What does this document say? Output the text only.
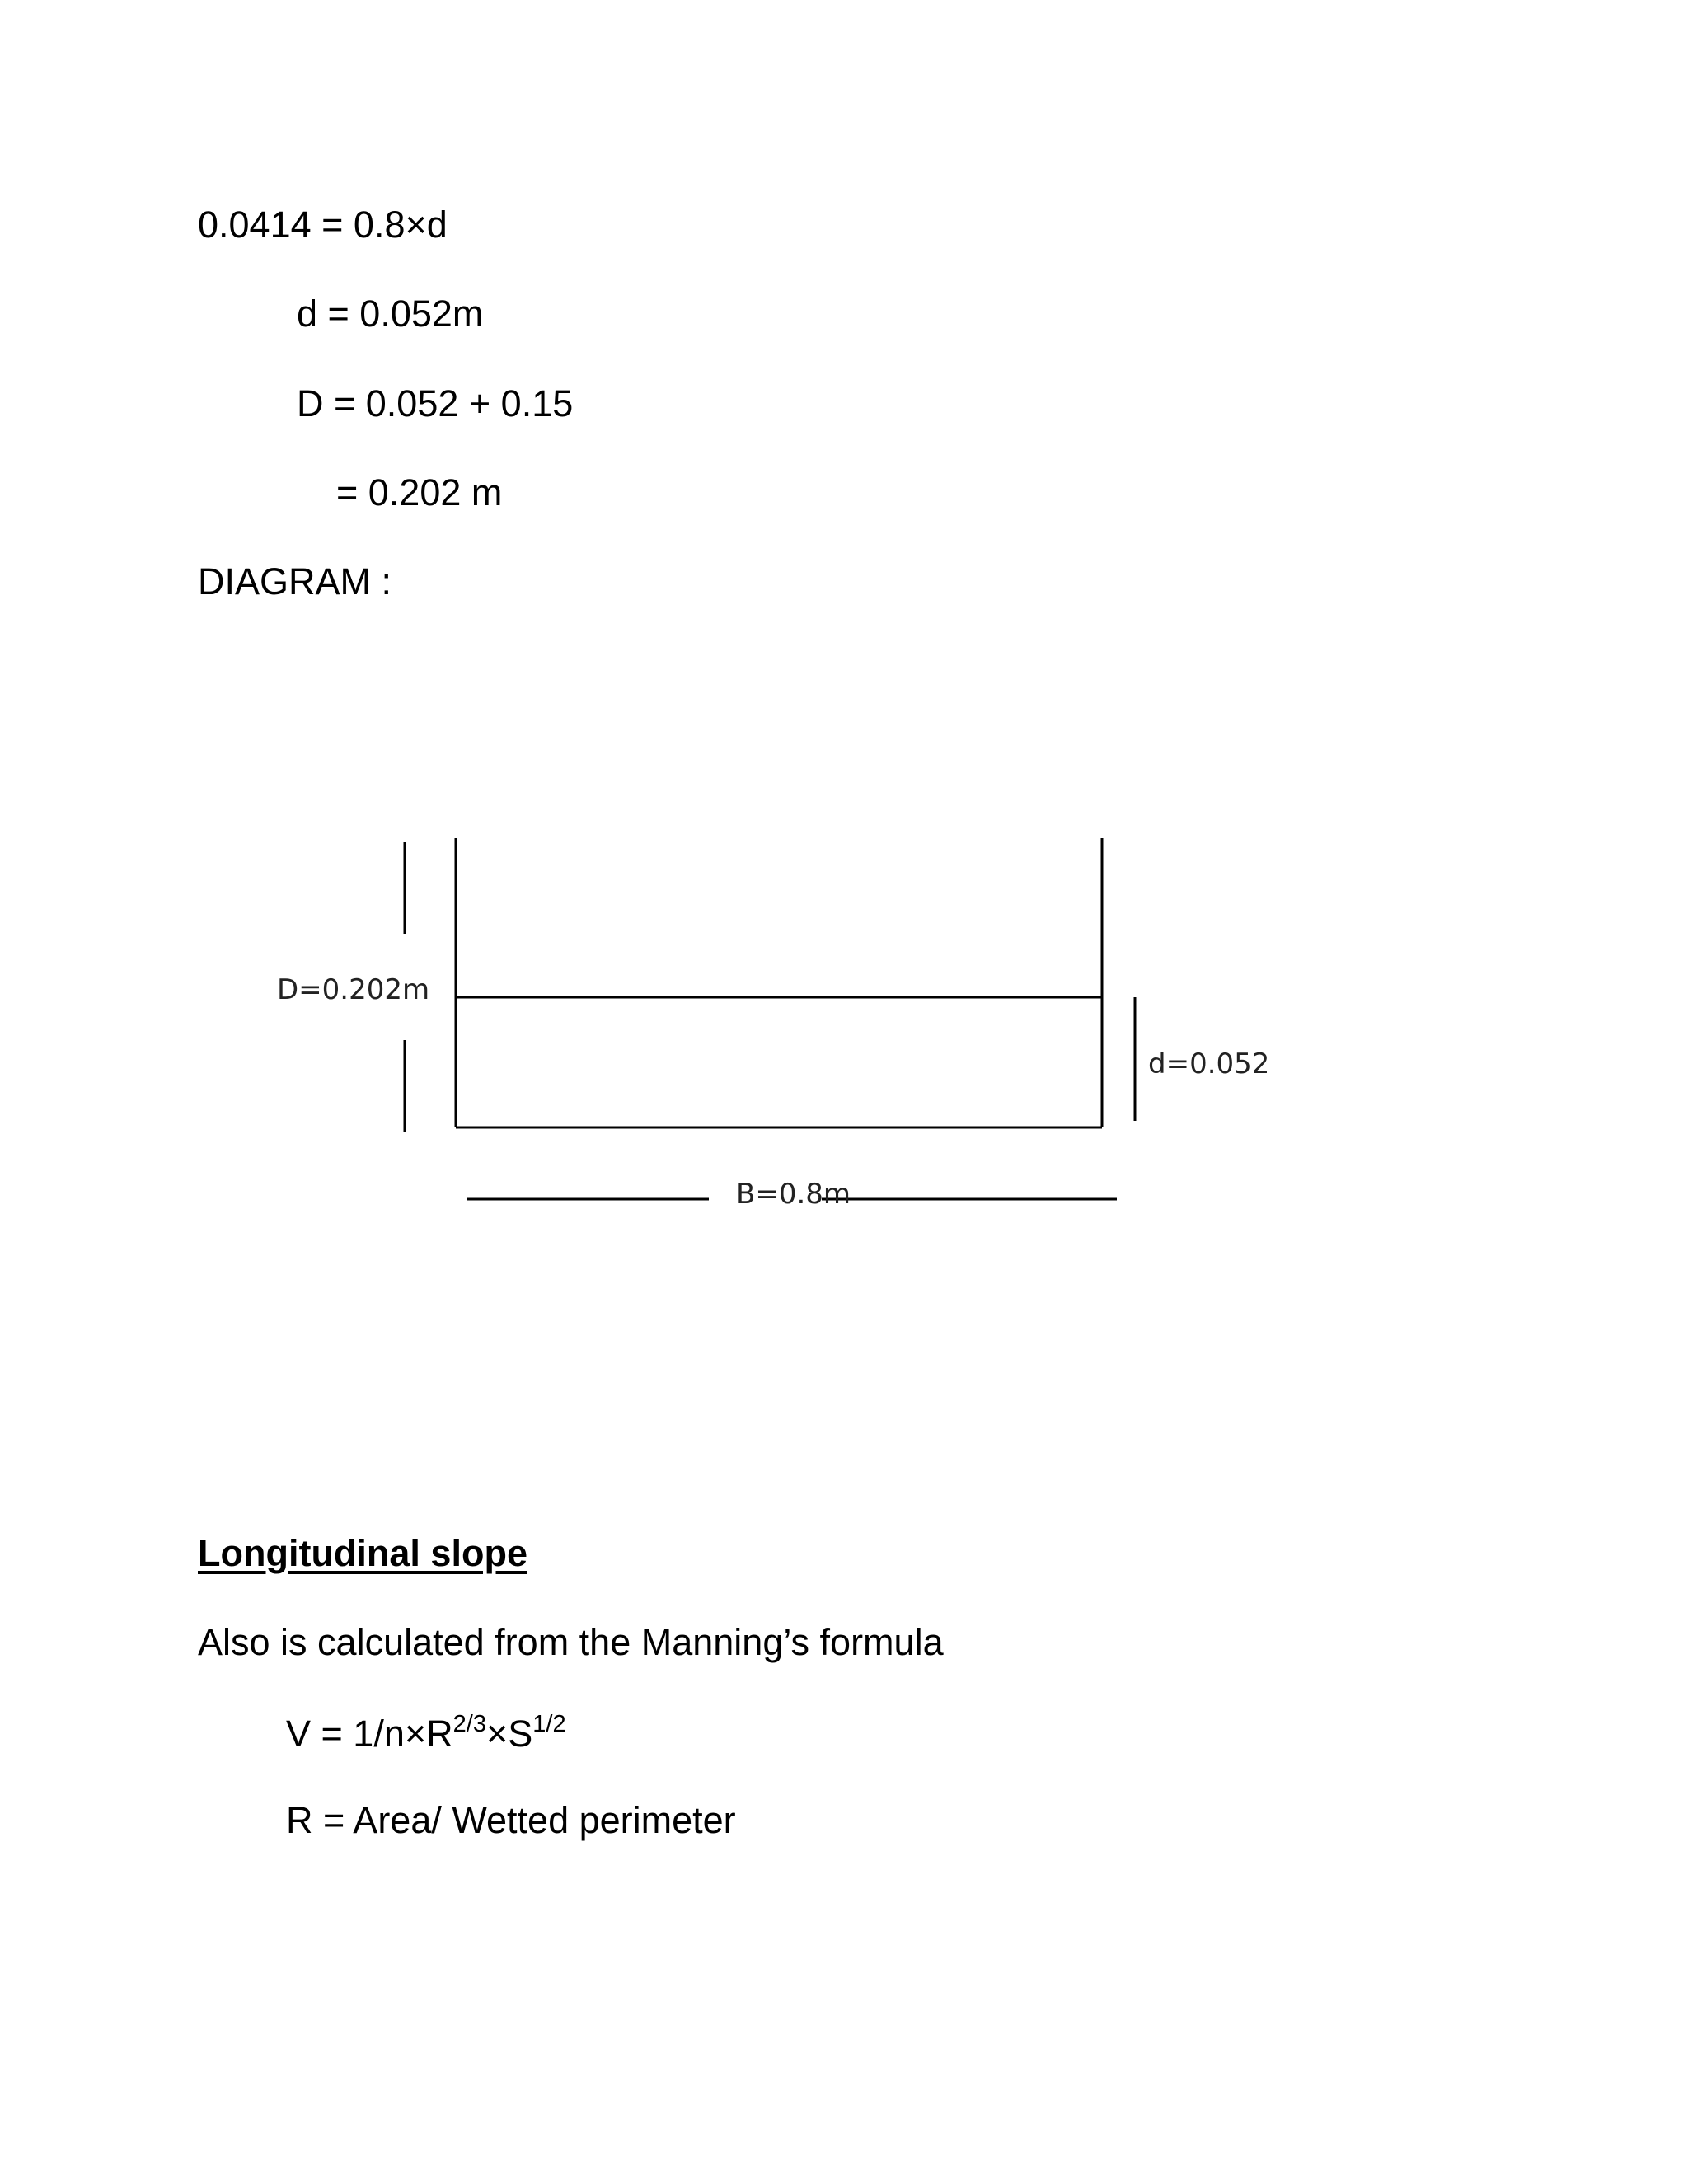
0.0414 = 0.8×d
d = 0.052m
D = 0.052 + 0.15
= 0.202 m
DIAGRAM :
D=0.202m
d=0.052
B=0.8m
Longitudinal slope
Also is calculated from the Manning’s formula
$V = 1/n\times R^{2/3}\times S^{1/2}$
R = Area/ Wetted perimeter
